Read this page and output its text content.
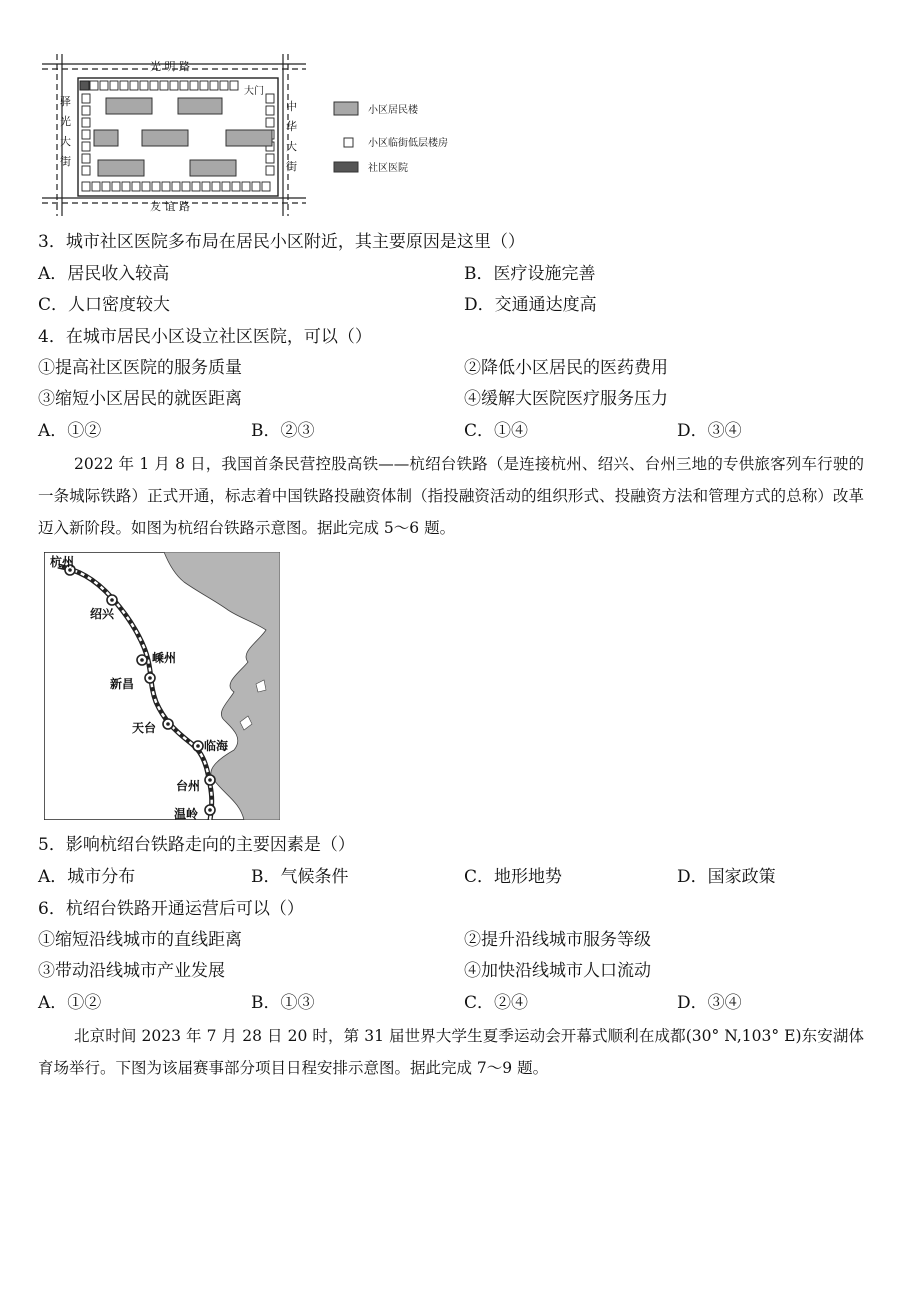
光 明 路
友 谊 路
驿
光
大
街
中
华
大
街
大门
小区居民楼
小区临街低层楼房
社区医院
3．城市社区医院多布局在居民小区附近，其主要原因是这里（）
A．居民收入较高	B．医疗设施完善
C．人口密度较大	D．交通通达度高
4．在城市居民小区设立社区医院，可以（）
①提高社区医院的服务质量	②降低小区居民的医药费用
③缩短小区居民的就医距离	④缓解大医院医疗服务压力
A．①②	B．②③	C．①④	D．③④
2022 年 1 月 8 日，我国首条民营控股高铁——杭绍台铁路（是连接杭州、绍兴、台州三地的专供旅客列车行驶的一条城际铁路）正式开通，标志着中国铁路投融资体制（指投融资活动的组织形式、投融资方法和管理方式的总称）改革迈入新阶段。如图为杭绍台铁路示意图。据此完成 5～6 题。
杭州
绍兴
嵊州
新昌
天台
临海
台州
温岭
5．影响杭绍台铁路走向的主要因素是（）
A．城市分布	B．气候条件	C．地形地势	D．国家政策
6．杭绍台铁路开通运营后可以（）
①缩短沿线城市的直线距离	②提升沿线城市服务等级
③带动沿线城市产业发展	④加快沿线城市人口流动
A．①②	B．①③	C．②④	D．③④
北京时间 2023 年 7 月 28 日 20 时，第 31 届世界大学生夏季运动会开幕式顺利在成都(30° N,103° E)东安湖体育场举行。下图为该届赛事部分项目日程安排示意图。据此完成 7～9 题。
